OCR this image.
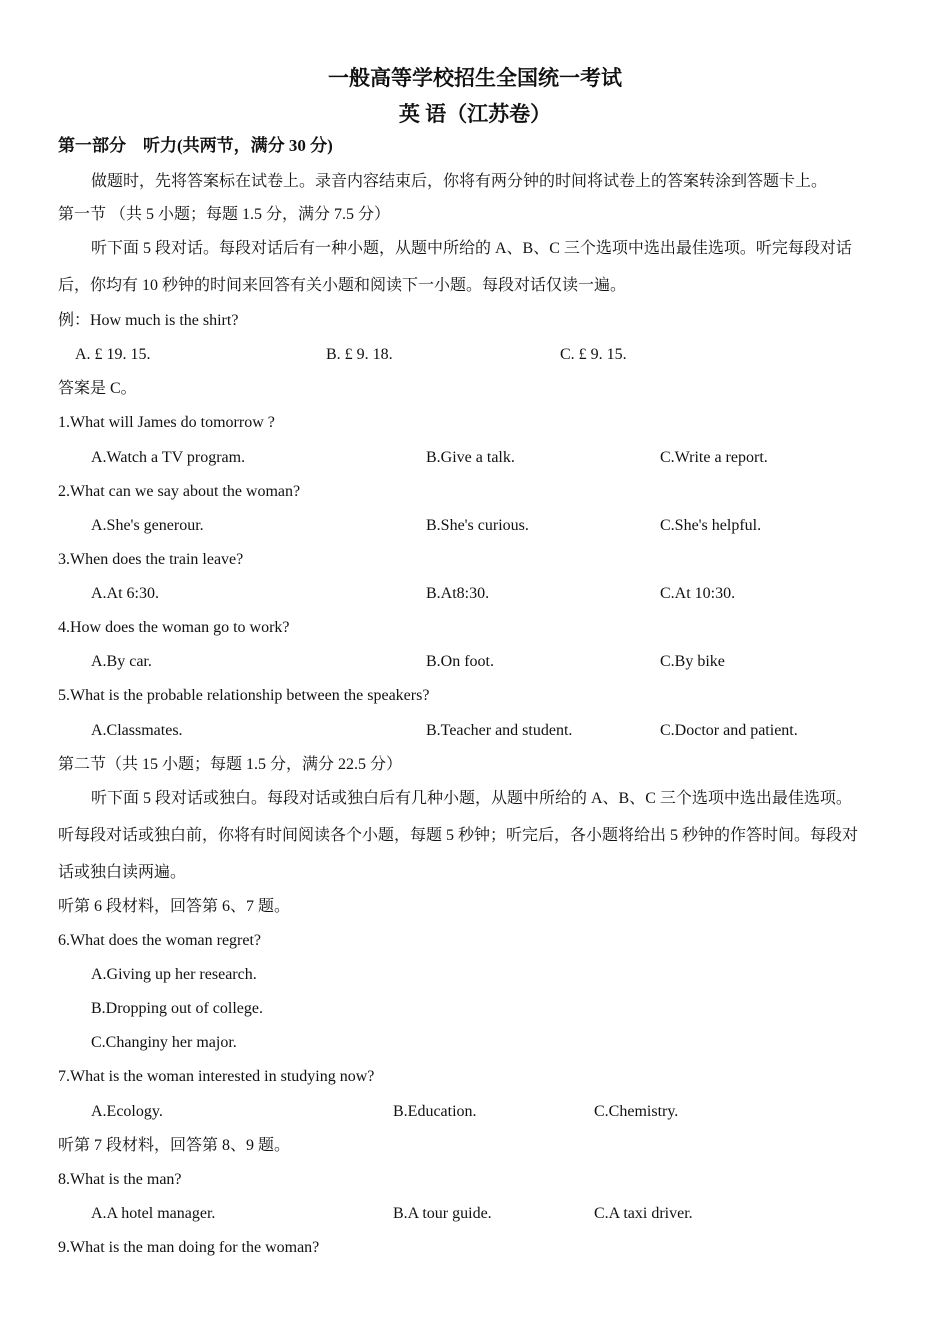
一般高等学校招生全国统一考试
英 语（江苏卷）
第一部分　听力(共两节，满分 30 分)
做题时，先将答案标在试卷上。录音内容结束后，你将有两分钟的时间将试卷上的答案转涂到答题卡上。
第一节 （共 5 小题；每题 1.5 分，满分 7.5 分）
听下面 5 段对话。每段对话后有一种小题，从题中所给的 A、B、C 三个选项中选出最佳选项。听完每段对话
后，你均有 10 秒钟的时间来回答有关小题和阅读下一小题。每段对话仅读一遍。
例：How much is the shirt?
A. £ 19. 15.	B. £ 9. 18.	C. £ 9. 15.
答案是 C。
1.What will James do tomorrow ?
A.Watch a TV program.	B.Give a talk.	C.Write a report.
2.What can we say about the woman?
A.She's generour.	B.She's curious.	C.She's helpful.
3.When does the train leave?
A.At 6:30.	B.At8:30.	C.At 10:30.
4.How does the woman go to work?
A.By car.	B.On foot.	C.By bike
5.What is the probable relationship between the speakers?
A.Classmates.	B.Teacher and student.	C.Doctor and patient.
第二节（共 15 小题；每题 1.5 分，满分 22.5 分）
听下面 5 段对话或独白。每段对话或独白后有几种小题，从题中所给的 A、B、C 三个选项中选出最佳选项。
听每段对话或独白前，你将有时间阅读各个小题，每题 5 秒钟；听完后，各小题将给出 5 秒钟的作答时间。每段对
话或独白读两遍。
听第 6 段材料，回答第 6、7 题。
6.What does the woman regret?
A.Giving up her research.
B.Dropping out of college.
C.Changiny her major.
7.What is the woman interested in studying now?
A.Ecology.	B.Education.	C.Chemistry.
听第 7 段材料，回答第 8、9 题。
8.What is the man?
A.A hotel manager.	B.A tour guide.	C.A taxi driver.
9.What is the man doing for the woman?
